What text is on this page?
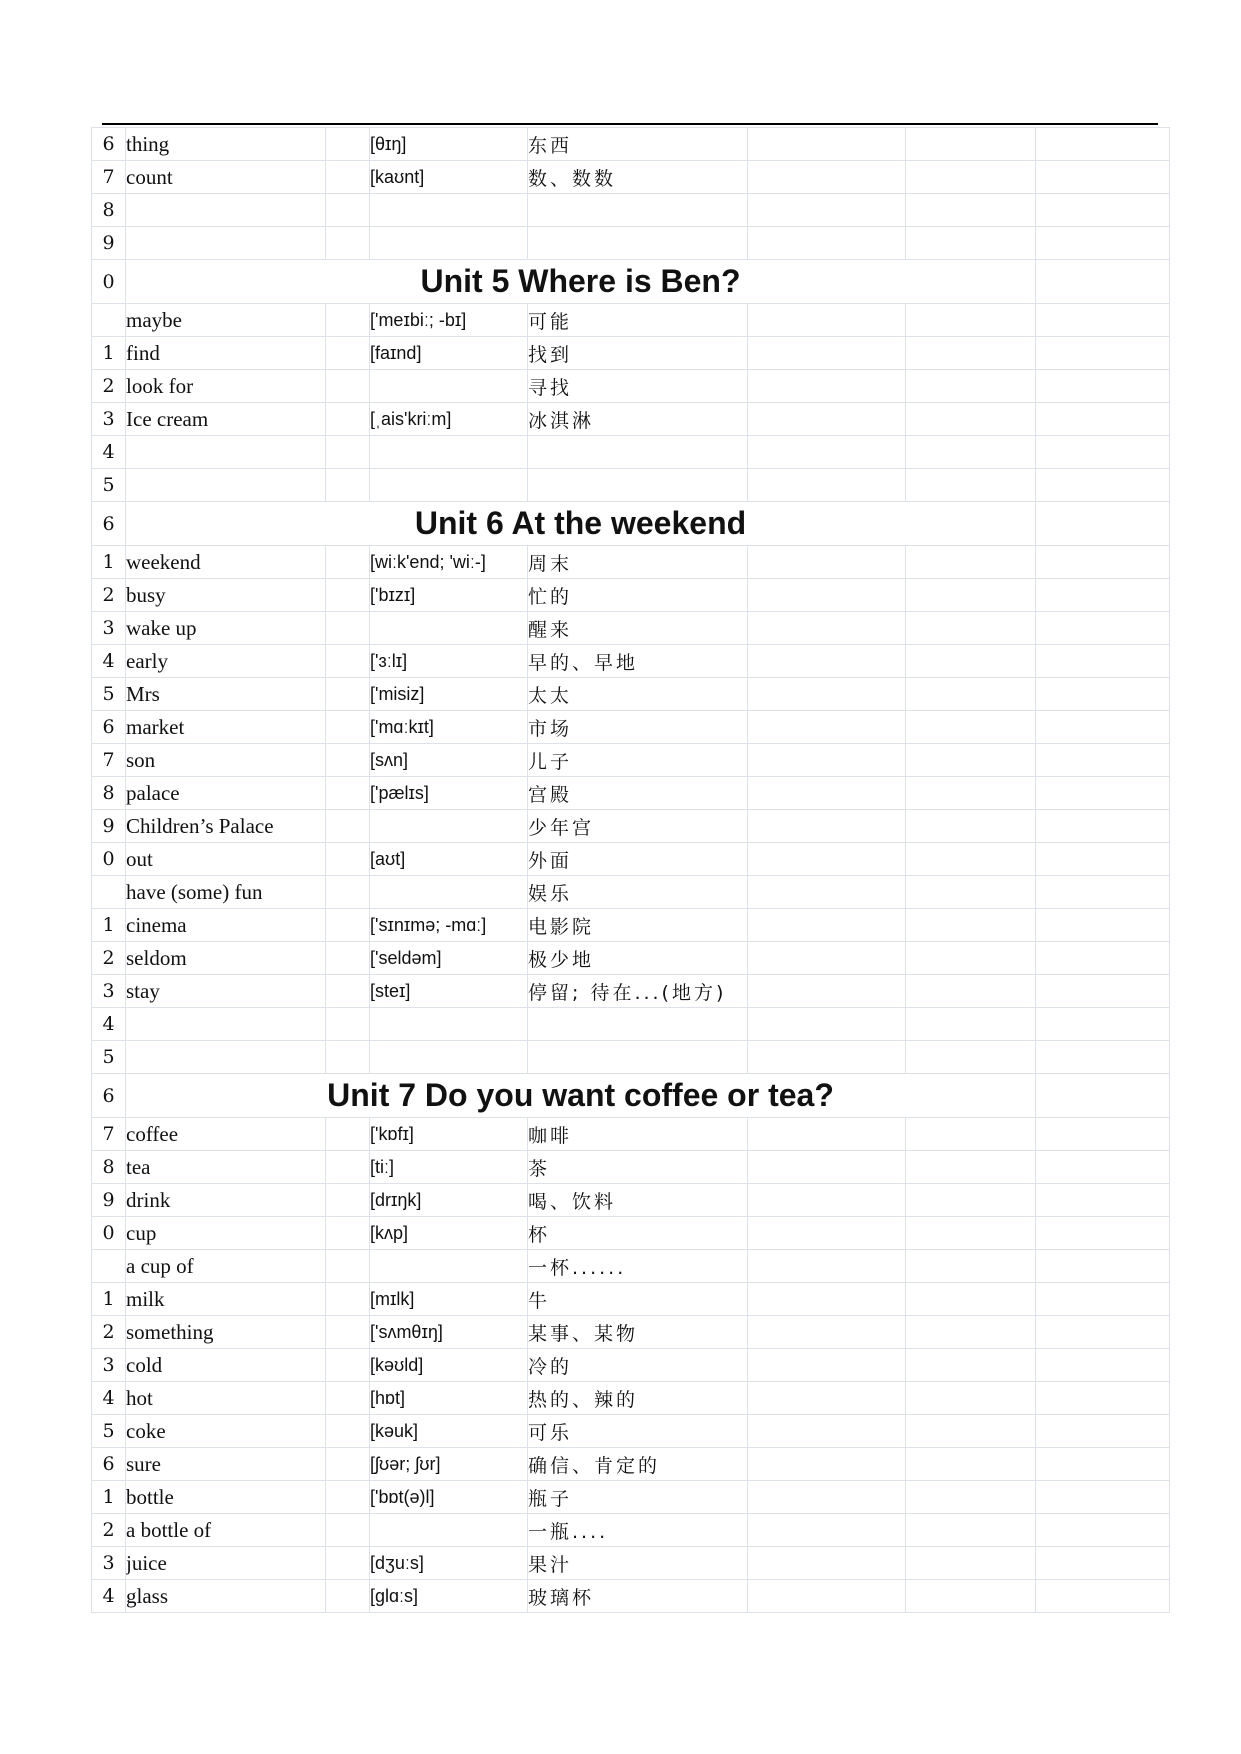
6	thing		[θɪŋ]	东西			
7	count		[kaʊnt]	数、数数			
8							
9							
0	Unit 5 Where is Ben?						
	maybe		['meɪbiː; -bɪ]	可能			
1	find		[faɪnd]	找到			
2	look for			寻找			
3	Ice cream		[ˌais'kriːm]	冰淇淋			
4							
5							
6	Unit 6 At the weekend						
1	weekend		[wiːk'end; 'wiː-]	周末			
2	busy		['bɪzɪ]	忙的			
3	wake up			醒来			
4	early		['ɜːlɪ]	早的、早地			
5	Mrs		['misiz]	太太			
6	market		['mɑːkɪt]	市场			
7	son		[sʌn]	儿子			
8	palace		['pælɪs]	宫殿			
9	Children’s Palace			少年宫			
0	out		[aʊt]	外面			
	have (some) fun			娱乐			
1	cinema		['sɪnɪmə; -mɑː]	电影院			
2	seldom		['seldəm]	极少地			
3	stay		[steɪ]	停留; 待在...(地方)			
4							
5							
6	Unit 7 Do you want coffee or tea?						
7	coffee		['kɒfɪ]	咖啡			
8	tea		[tiː]	茶			
9	drink		[drɪŋk]	喝、饮料			
0	cup		[kʌp]	杯			
	a cup of			一杯......			
1	milk		[mɪlk]	牛			
2	something		['sʌmθɪŋ]	某事、某物			
3	cold		[kəʊld]	冷的			
4	hot		[hɒt]	热的、辣的			
5	coke		[kəuk]	可乐			
6	sure		[ʃʊər; ʃʊr]	确信、肯定的			
1	bottle		['bɒt(ə)l]	瓶子			
2	a bottle of			一瓶....			
3	juice		[dʒuːs]	果汁			
4	glass		[glɑːs]	玻璃杯			
